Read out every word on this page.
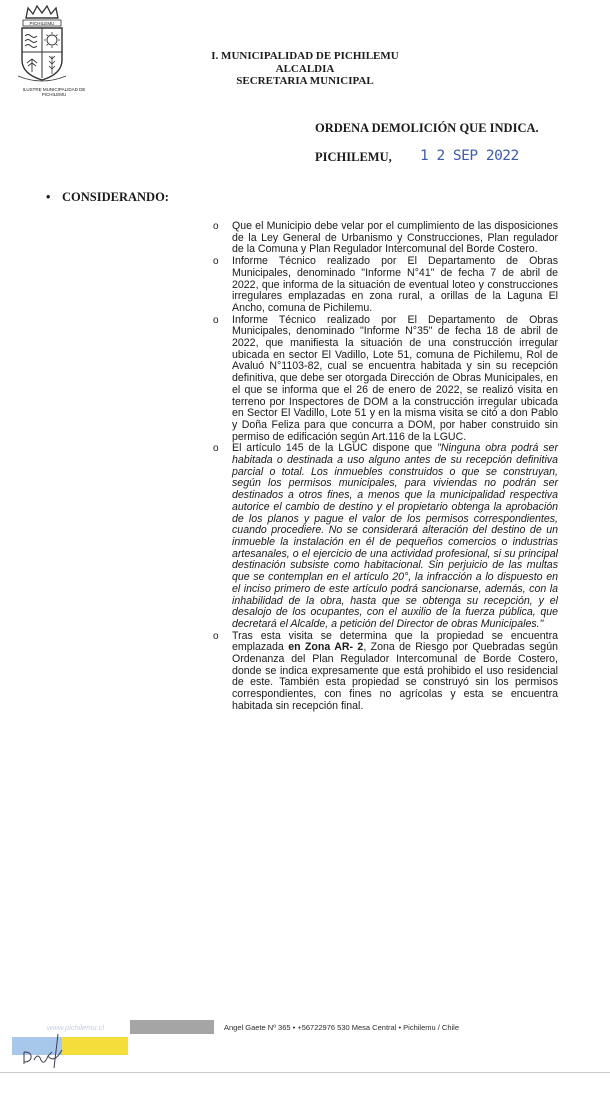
PICHILEMU
ILUSTRE MUNICIPALIDAD DE PICHILEMU
I. MUNICIPALIDAD DE PICHILEMU
ALCALDIA
SECRETARIA MUNICIPAL
ORDENA DEMOLICIÓN QUE INDICA.
PICHILEMU, 1 2 SEP 2022
• CONSIDERANDO:
o Que el Municipio debe velar por el cumplimiento de las disposiciones de la Ley General de Urbanismo y Construcciones, Plan regulador de la Comuna y Plan Regulador Intercomunal del Borde Costero.
o Informe Técnico realizado por El Departamento de Obras Municipales, denominado "Informe N°41" de fecha 7 de abril de 2022, que informa de la situación de eventual loteo y construcciones irregulares emplazadas en zona rural, a orillas de la Laguna El Ancho, comuna de Pichilemu.
o Informe Técnico realizado por El Departamento de Obras Municipales, denominado "Informe N°35" de fecha 18 de abril de 2022, que manifiesta la situación de una construcción irregular ubicada en sector El Vadillo, Lote 51, comuna de Pichilemu, Rol de Avaluó N°1103-82, cual se encuentra habitada y sin su recepción definitiva, que debe ser otorgada Dirección de Obras Municipales, en el que se informa que el 26 de enero de 2022, se realizó visita en terreno por Inspectores de DOM a la construcción irregular ubicada en Sector El Vadillo, Lote 51 y en la misma visita se citó a don Pablo y Doña Feliza para que concurra a DOM, por haber construido sin permiso de edificación según Art.116 de la LGUC.
o El artículo 145 de la LGUC dispone que "Ninguna obra podrá ser habitada o destinada a uso alguno antes de su recepción definitiva parcial o total. Los inmuebles construidos o que se construyan, según los permisos municipales, para viviendas no podrán ser destinados a otros fines, a menos que la municipalidad respectiva autorice el cambio de destino y el propietario obtenga la aprobación de los planos y pague el valor de los permisos correspondientes, cuando procediere. No se considerará alteración del destino de un inmueble la instalación en él de pequeños comercios o industrias artesanales, o el ejercicio de una actividad profesional, si su principal destinación subsiste como habitacional. Sin perjuicio de las multas que se contemplan en el artículo 20°, la infracción a lo dispuesto en el inciso primero de este artículo podrá sancionarse, además, con la inhabilidad de la obra, hasta que se obtenga su recepción, y el desalojo de los ocupantes, con el auxilio de la fuerza pública, que decretará el Alcalde, a petición del Director de obras Municipales."
o Tras esta visita se determina que la propiedad se encuentra emplazada en Zona AR- 2, Zona de Riesgo por Quebradas según Ordenanza del Plan Regulador Intercomunal de Borde Costero, donde se indica expresamente que está prohibido el uso residencial de este. También esta propiedad se construyó sin los permisos correspondientes, con fines no agrícolas y esta se encuentra habitada sin recepción final.
www.pichilemu.cl	Angel Gaete Nº 365 • +56722976 530 Mesa Central • Pichilemu / Chile
